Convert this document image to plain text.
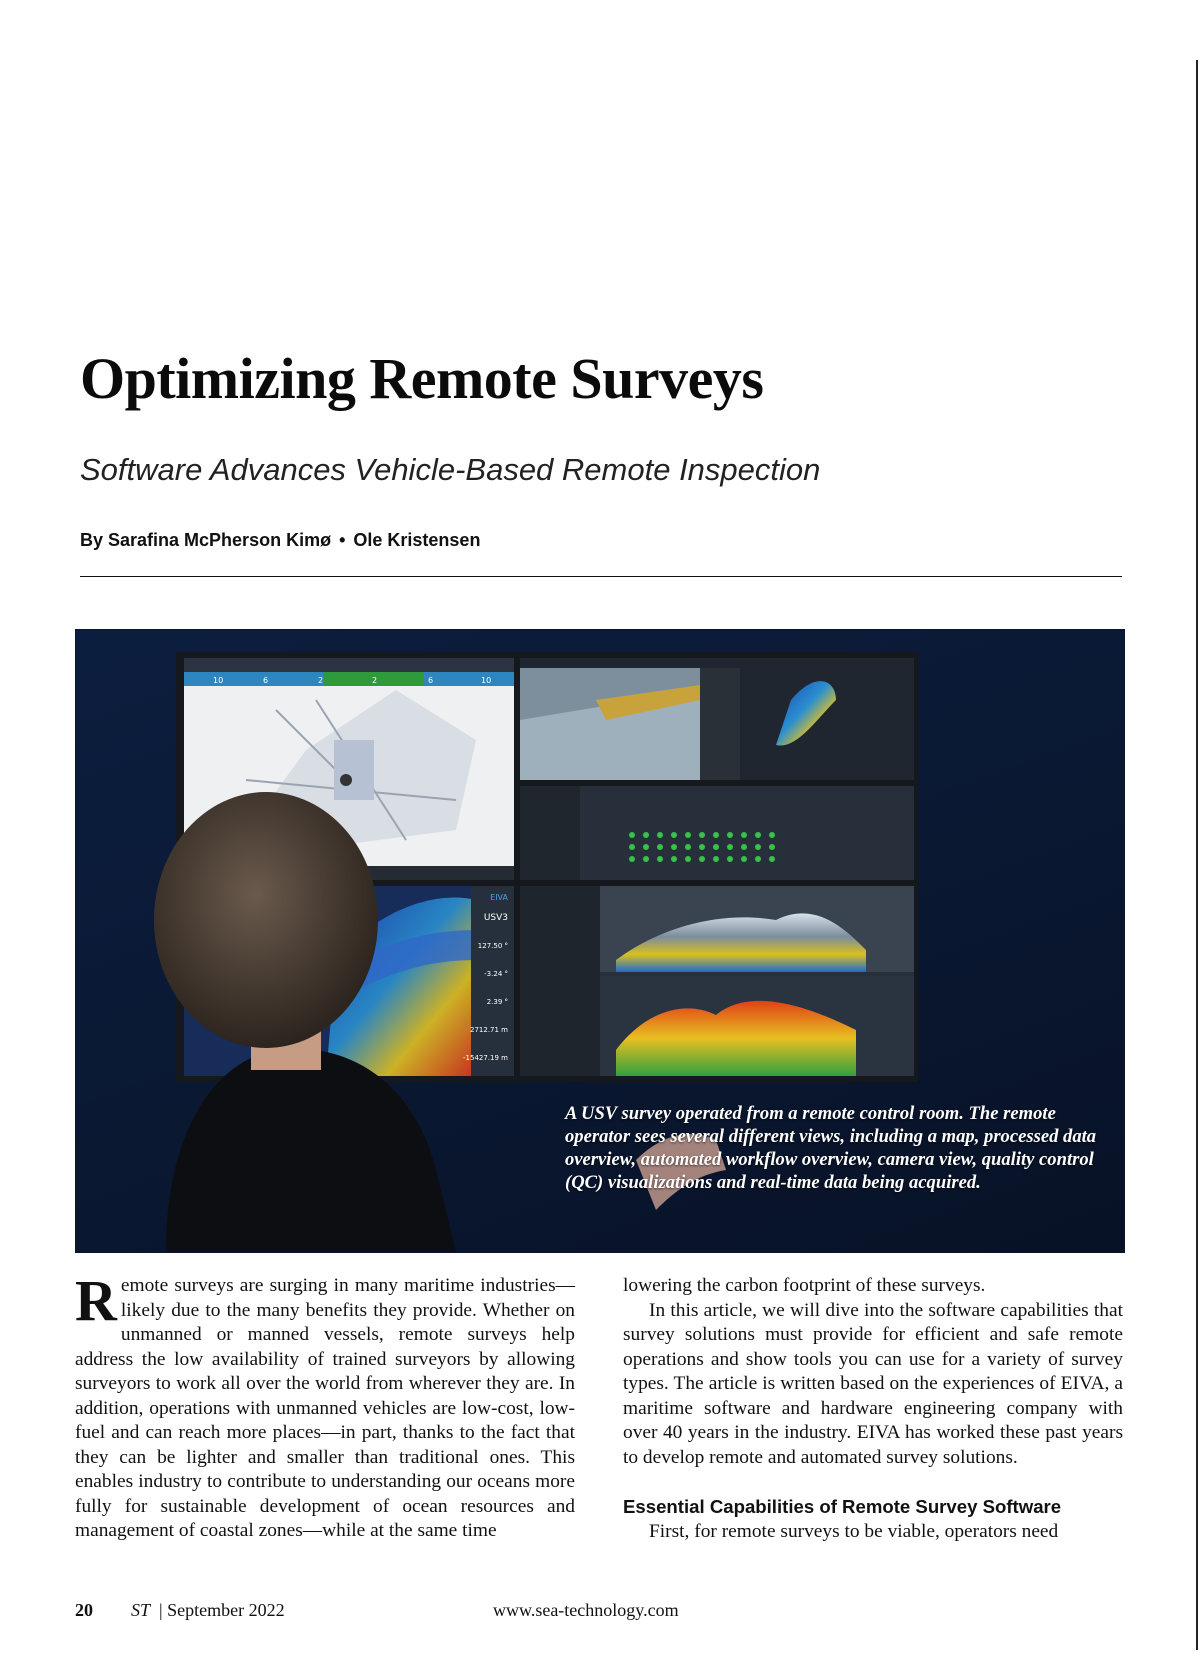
Optimizing Remote Surveys
Software Advances Vehicle-Based Remote Inspection
By Sarafina McPherson Kimø • Ole Kristensen
10	6	2	2	6	10
USV3
127.50 °
-3.24 °
2.39 °
2712.71 m
-15427.19 m
EIVA

A USV survey operated from a remote control room. The remote operator sees several different views, including a map, processed data overview, automated workflow overview, camera view, quality control (QC) visualizations and real-time data being acquired.

Remote surveys are surging in many maritime industries—likely due to the many benefits they provide. Whether on unmanned or manned vessels, remote surveys help address the low availability of trained surveyors by allowing surveyors to work all over the world from wherever they are. In addition, operations with unmanned vehicles are low-cost, low-fuel and can reach more places—in part, thanks to the fact that they can be lighter and smaller than traditional ones. This enables industry to contribute to understanding our oceans more fully for sustainable development of ocean resources and management of coastal zones—while at the same time

lowering the carbon footprint of these surveys.

In this article, we will dive into the software capabilities that survey solutions must provide for efficient and safe remote operations and show tools you can use for a variety of survey types. The article is written based on the experiences of EIVA, a maritime software and hardware engineering company with over 40 years in the industry. EIVA has worked these past years to develop remote and automated survey solutions.

Essential Capabilities of Remote Survey Software

First, for remote surveys to be viable, operators need

20 ST | September 2022	www.sea-technology.com
